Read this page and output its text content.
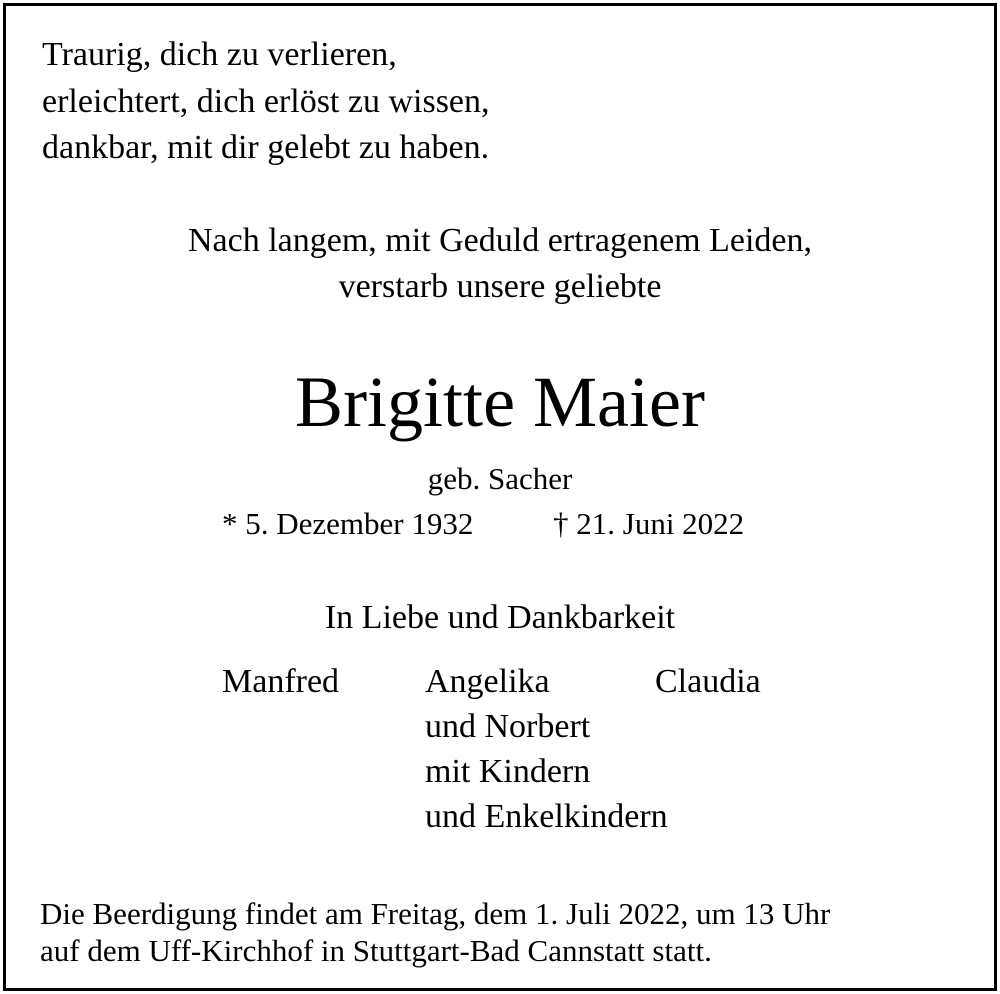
Traurig, dich zu verlieren,
erleichtert, dich erlöst zu wissen,
dankbar, mit dir gelebt zu haben.
Nach langem, mit Geduld ertragenem Leiden,
verstarb unsere geliebte
Brigitte Maier
geb. Sacher
* 5. Dezember 1932	† 21. Juni 2022
In Liebe und Dankbarkeit
Manfred	Angelika
und Norbert
mit Kindern
und Enkelkindern
Claudia
Die Beerdigung findet am Freitag, dem 1. Juli 2022, um 13 Uhr
auf dem Uff-Kirchhof in Stuttgart-Bad Cannstatt statt.
